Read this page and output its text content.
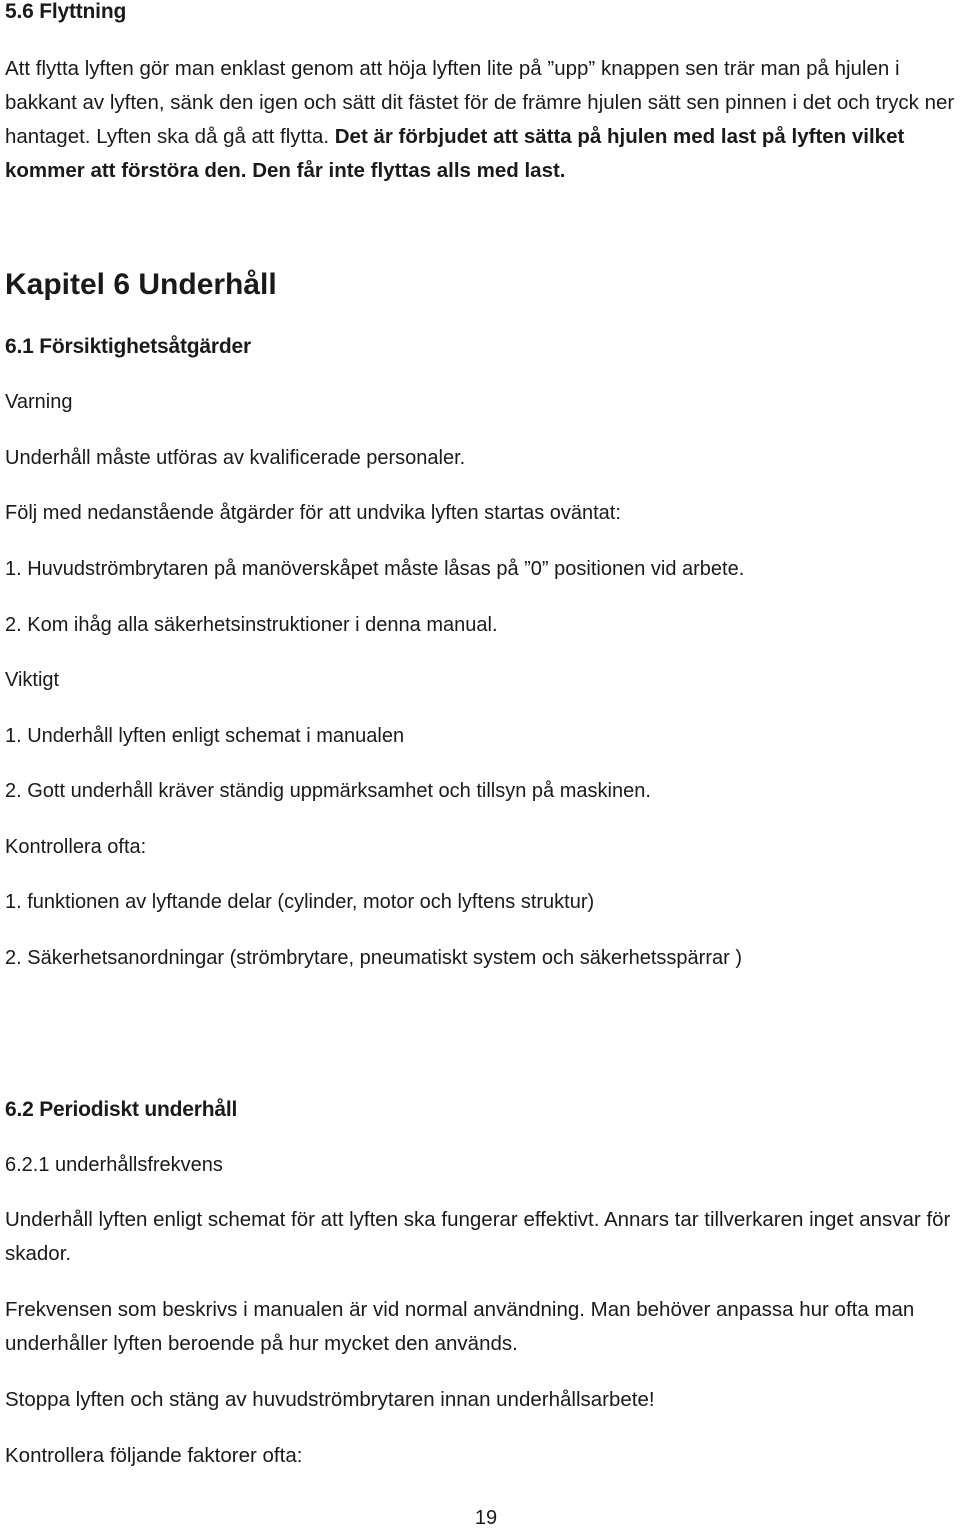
5.6 Flyttning

Att flytta lyften gör man enklast genom att höja lyften lite på ”upp” knappen sen trär man på hjulen i bakkant av lyften, sänk den igen och sätt dit fästet för de främre hjulen sätt sen pinnen i det och tryck ner hantaget. Lyften ska då gå att flytta. Det är förbjudet att sätta på hjulen med last på lyften vilket kommer att förstöra den. Den får inte flyttas alls med last.

Kapitel 6 Underhåll
6.1 Försiktighetsåtgärder
Varning
Underhåll måste utföras av kvalificerade personaler.
Följ med nedanstående åtgärder för att undvika lyften startas oväntat:
1. Huvudströmbrytaren på manöverskåpet måste låsas på ”0” positionen vid arbete.
2. Kom ihåg alla säkerhetsinstruktioner i denna manual.
Viktigt
1. Underhåll lyften enligt schemat i manualen
2. Gott underhåll kräver ständig uppmärksamhet och tillsyn på maskinen.
Kontrollera ofta:
1. funktionen av lyftande delar (cylinder, motor och lyftens struktur)
2. Säkerhetsanordningar (strömbrytare, pneumatiskt system och säkerhetsspärrar )
6.2 Periodiskt underhåll
6.2.1 underhållsfrekvens

Underhåll lyften enligt schemat för att lyften ska fungerar effektivt. Annars tar tillverkaren inget ansvar för skador.

Frekvensen som beskrivs i manualen är vid normal användning. Man behöver anpassa hur ofta man underhåller lyften beroende på hur mycket den används.

Stoppa lyften och stäng av huvudströmbrytaren innan underhållsarbete!

Kontrollera följande faktorer ofta:

19
